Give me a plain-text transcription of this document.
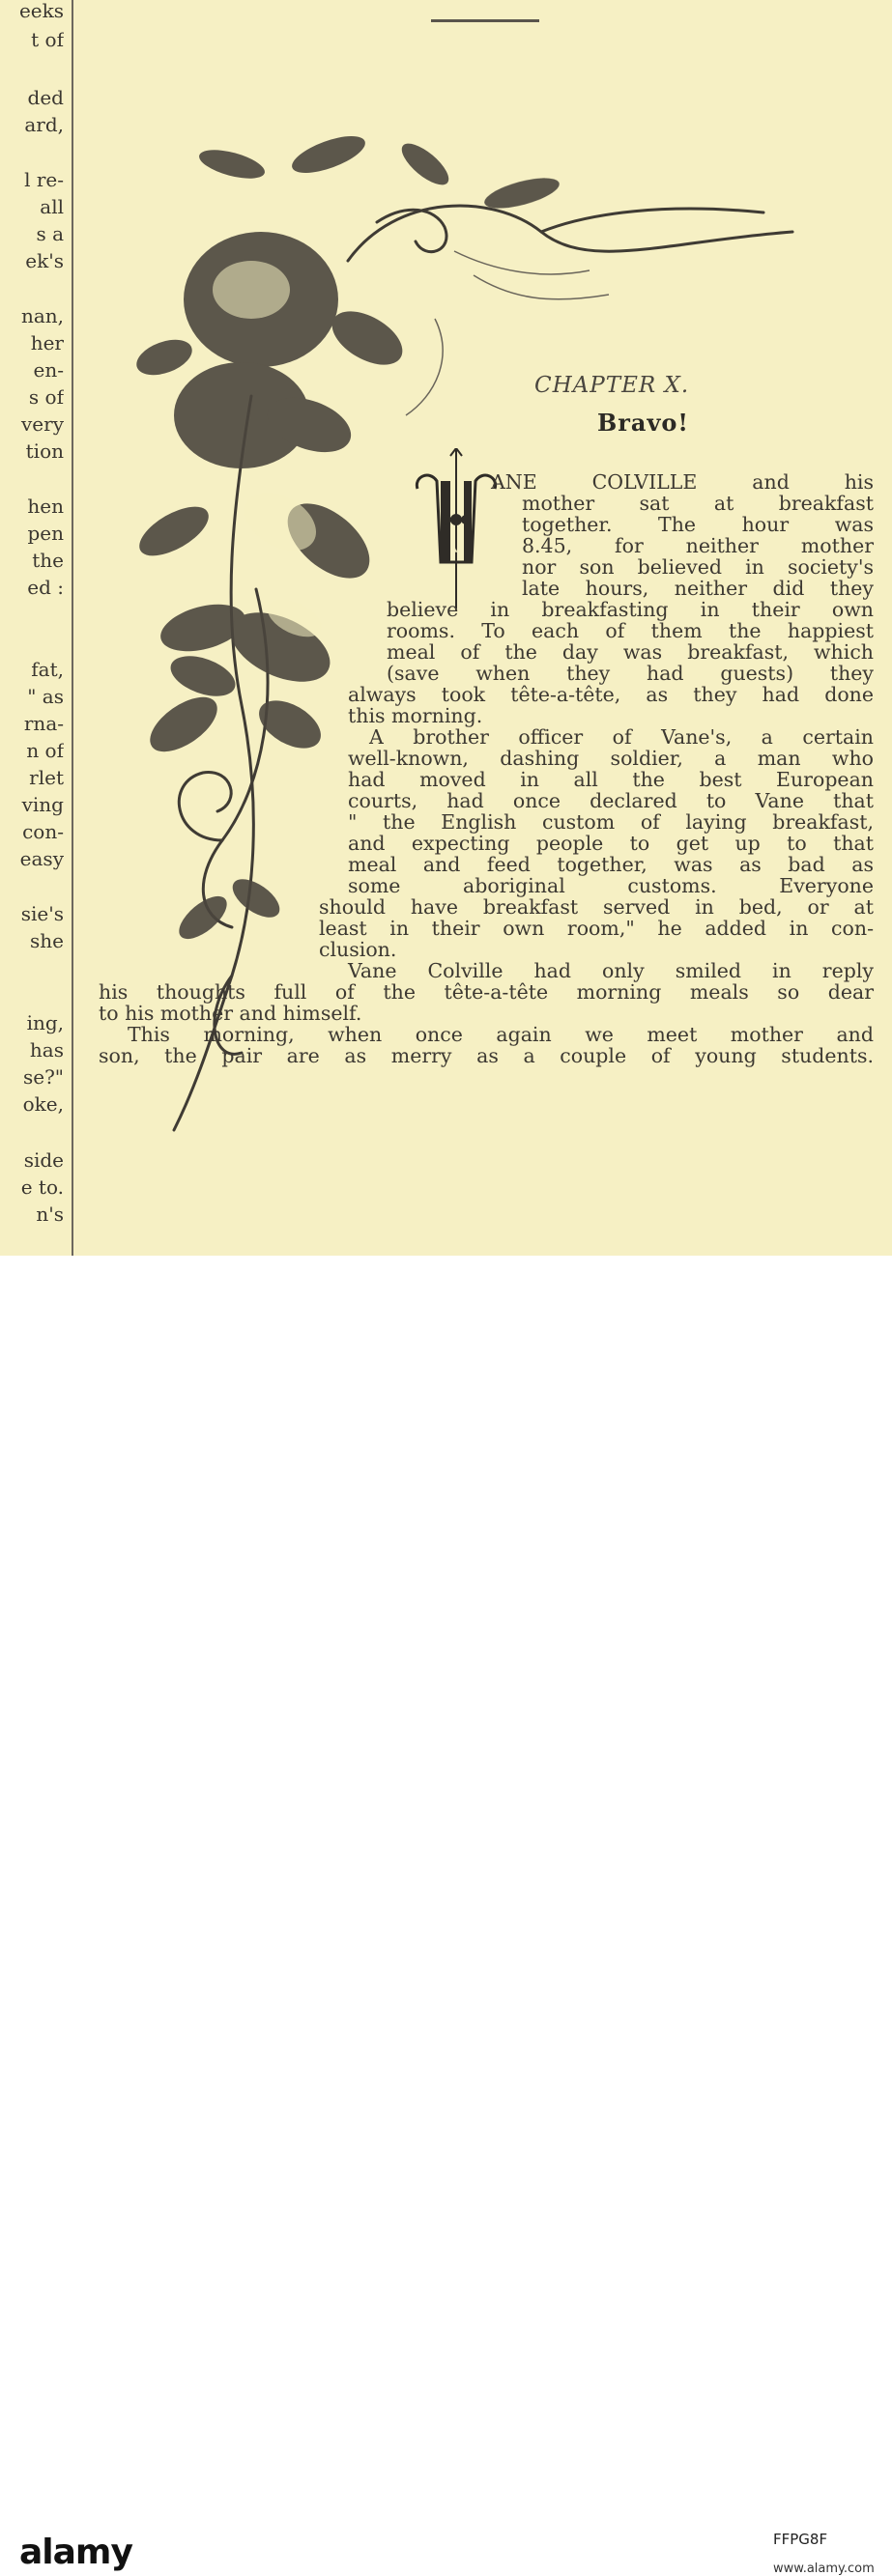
eeks
t of
ded
ard,
l re-
all
s a
ek's
nan,
her
en-
s of
very
tion
hen
pen
the
ed :
fat,
" as
rna-
n of
rlet
ving
con-
easy
sie's
she
ing,
has
se?"
oke,
side
e to.
n's
CHAPTER X.
Bravo!
V
ANE COLVILLE and his
mother sat at breakfast
together. The hour was
8.45, for neither mother
nor son believed in society's
late hours, neither did they
believe in breakfasting in their own
rooms. To each of them the happiest
meal of the day was breakfast, which
(save when they had guests) they
always took tête-a-tête, as they had done
this morning.
A brother officer of Vane's, a certain
well-known, dashing soldier, a man who
had moved in all the best European
courts, had once declared to Vane that
" the English custom of laying breakfast,
and expecting people to get up to that
meal and feed together, was as bad as
some aboriginal customs. Everyone
should have breakfast served in bed, or at
least in their own room," he added in con-
clusion.
Vane Colville had only smiled in reply
his thoughts full of the tête-a-tête morning meals so dear
to his mother and himself.
This morning, when once again we meet mother and
son, the pair are as merry as a couple of young students.
alamy	FFPG8F
www.alamy.com
